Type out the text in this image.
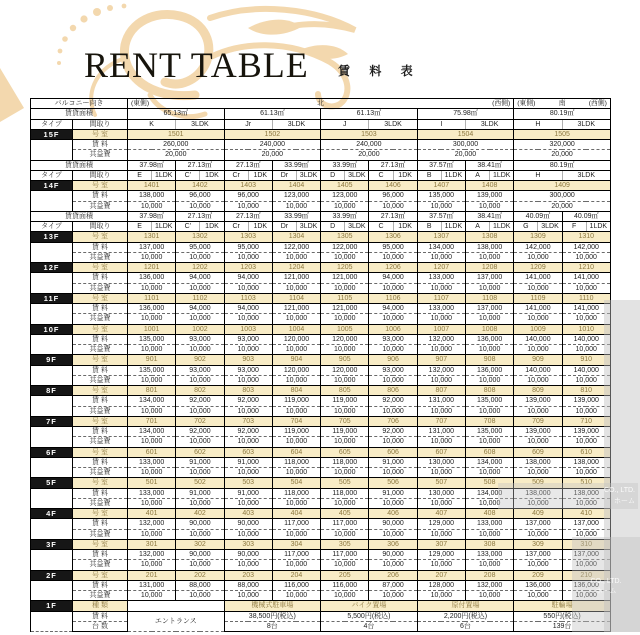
RENT TABLE 賃 料 表
バルコニー向き		(東側) 北 (西側)																(東側) 南 (西側)			

賃貸面積		65.13㎡				61.13㎡				61.13㎡				75.98㎡				80.19㎡			
タイプ	間取り	K		3LDK		Jr		3LDK		J		3LDK		I		3LDK		H		3LDK	
15F	号 室	1501				1502				1503				1504				1505			
	賃 料	260,000				240,000				240,000				300,000				320,000			
	共益費	20,000				20,000				20,000				20,000				20,000			
賃貸面積		37.98㎡		27.13㎡		27.13㎡		33.99㎡		33.99㎡		27.13㎡		37.57㎡		38.41㎡		80.19㎡			
タイプ	間取り	E	1LDK	C'	1DK	Cr	1DK	Dr	3LDK	D	3LDK	C	1DK	B	1LDK	A	1LDK	H		3LDK	
14F	号 室	1401		1402		1403		1404		1405		1406		1407		1408		1409			
	賃 料	138,000		96,000		96,000		123,000		123,000		96,000		135,000		139,000		300,000			
	共益費	10,000		10,000		10,000		10,000		10,000		10,000		10,000		10,000		20,000			
賃貸面積		37.98㎡		27.13㎡		27.13㎡		33.99㎡		33.99㎡		27.13㎡		37.57㎡		38.41㎡		40.09㎡		40.09㎡	
タイプ	間取り	E	1LDK	C'	1DK	Cr	1DK	Dr	3LDK	D	3LDK	C	1DK	B	1LDK	A	1LDK	G	3LDK	F	1LDK
13F	号 室	1301		1302		1303		1304		1305		1306		1307		1308		1309		1310	
	賃 料	137,000		95,000		95,000		122,000		122,000		95,000		134,000		138,000		142,000		142,000	
	共益費	10,000		10,000		10,000		10,000		10,000		10,000		10,000		10,000		10,000		10,000	
12F	号 室	1201		1202		1203		1204		1205		1206		1207		1208		1209		1210	
	賃 料	136,000		94,000		94,000		121,000		121,000		94,000		133,000		137,000		141,000		141,000	
	共益費	10,000		10,000		10,000		10,000		10,000		10,000		10,000		10,000		10,000		10,000	
11F	号 室	1101		1102		1103		1104		1105		1106		1107		1108		1109		1110	
	賃 料	136,000		94,000		94,000		121,000		121,000		94,000		133,000		137,000		141,000		141,000	
	共益費	10,000		10,000		10,000		10,000		10,000		10,000		10,000		10,000		10,000		10,000	
10F	号 室	1001		1002		1003		1004		1005		1006		1007		1008		1009		1010	
	賃 料	135,000		93,000		93,000		120,000		120,000		93,000		132,000		136,000		140,000		140,000	
	共益費	10,000		10,000		10,000		10,000		10,000		10,000		10,000		10,000		10,000		10,000	
9F	号 室	901		902		903		904		905		906		907		908		909		910	
	賃 料	135,000		93,000		93,000		120,000		120,000		93,000		132,000		136,000		140,000		140,000	
	共益費	10,000		10,000		10,000		10,000		10,000		10,000		10,000		10,000		10,000		10,000	
8F	号 室	801		802		803		804		805		806		807		808		809		810	
	賃 料	134,000		92,000		92,000		119,000		119,000		92,000		131,000		135,000		139,000		139,000	
	共益費	10,000		10,000		10,000		10,000		10,000		10,000		10,000		10,000		10,000		10,000	
7F	号 室	701		702		703		704		705		706		707		708		709		710	
	賃 料	134,000		92,000		92,000		119,000		119,000		92,000		131,000		135,000		139,000		139,000	
	共益費	10,000		10,000		10,000		10,000		10,000		10,000		10,000		10,000		10,000		10,000	
6F	号 室	601		602		603		604		605		606		607		608		609		610	
	賃 料	133,000		91,000		91,000		118,000		118,000		91,000		130,000		134,000		138,000		138,000	
	共益費	10,000		10,000		10,000		10,000		10,000		10,000		10,000		10,000		10,000		10,000	
5F	号 室	501		502		503		504		505		506		507		508		509		510	
	賃 料	133,000		91,000		91,000		118,000		118,000		91,000		130,000		134,000		138,000		138,000	
	共益費	10,000		10,000		10,000		10,000		10,000		10,000		10,000		10,000		10,000		10,000	
4F	号 室	401		402		403		404		405		406		407		408		409		410	
	賃 料	132,000		90,000		90,000		117,000		117,000		90,000		129,000		133,000		137,000		137,000	
	共益費	10,000		10,000		10,000		10,000		10,000		10,000		10,000		10,000		10,000		10,000	
3F	号 室	301		302		303		304		305		306		307		308		309		310	
	賃 料	132,000		90,000		90,000		117,000		117,000		90,000		129,000		133,000		137,000		137,000	
	共益費	10,000		10,000		10,000		10,000		10,000		10,000		10,000		10,000		10,000		10,000	
2F	号 室	201		202		203		204		205		206		207		208		209		210	
	賃 料	131,000		88,000		88,000		116,000		116,000		87,000		128,000		132,000		136,000		136,000	
	共益費	10,000		10,000		10,000		10,000		10,000		10,000		10,000		10,000		10,000		10,000	
1F	種 類					機械式駐車場				バイク置場				原付置場				駐輪場			
	賃 料	エントランス				38,500円(税込)				5,500円(税込)				2,200円(税込)				550円(税込)			
	台 数					8台				4台				6台				139台			
CO., LTD.
ホーム
CO., LTD.
ホーム
